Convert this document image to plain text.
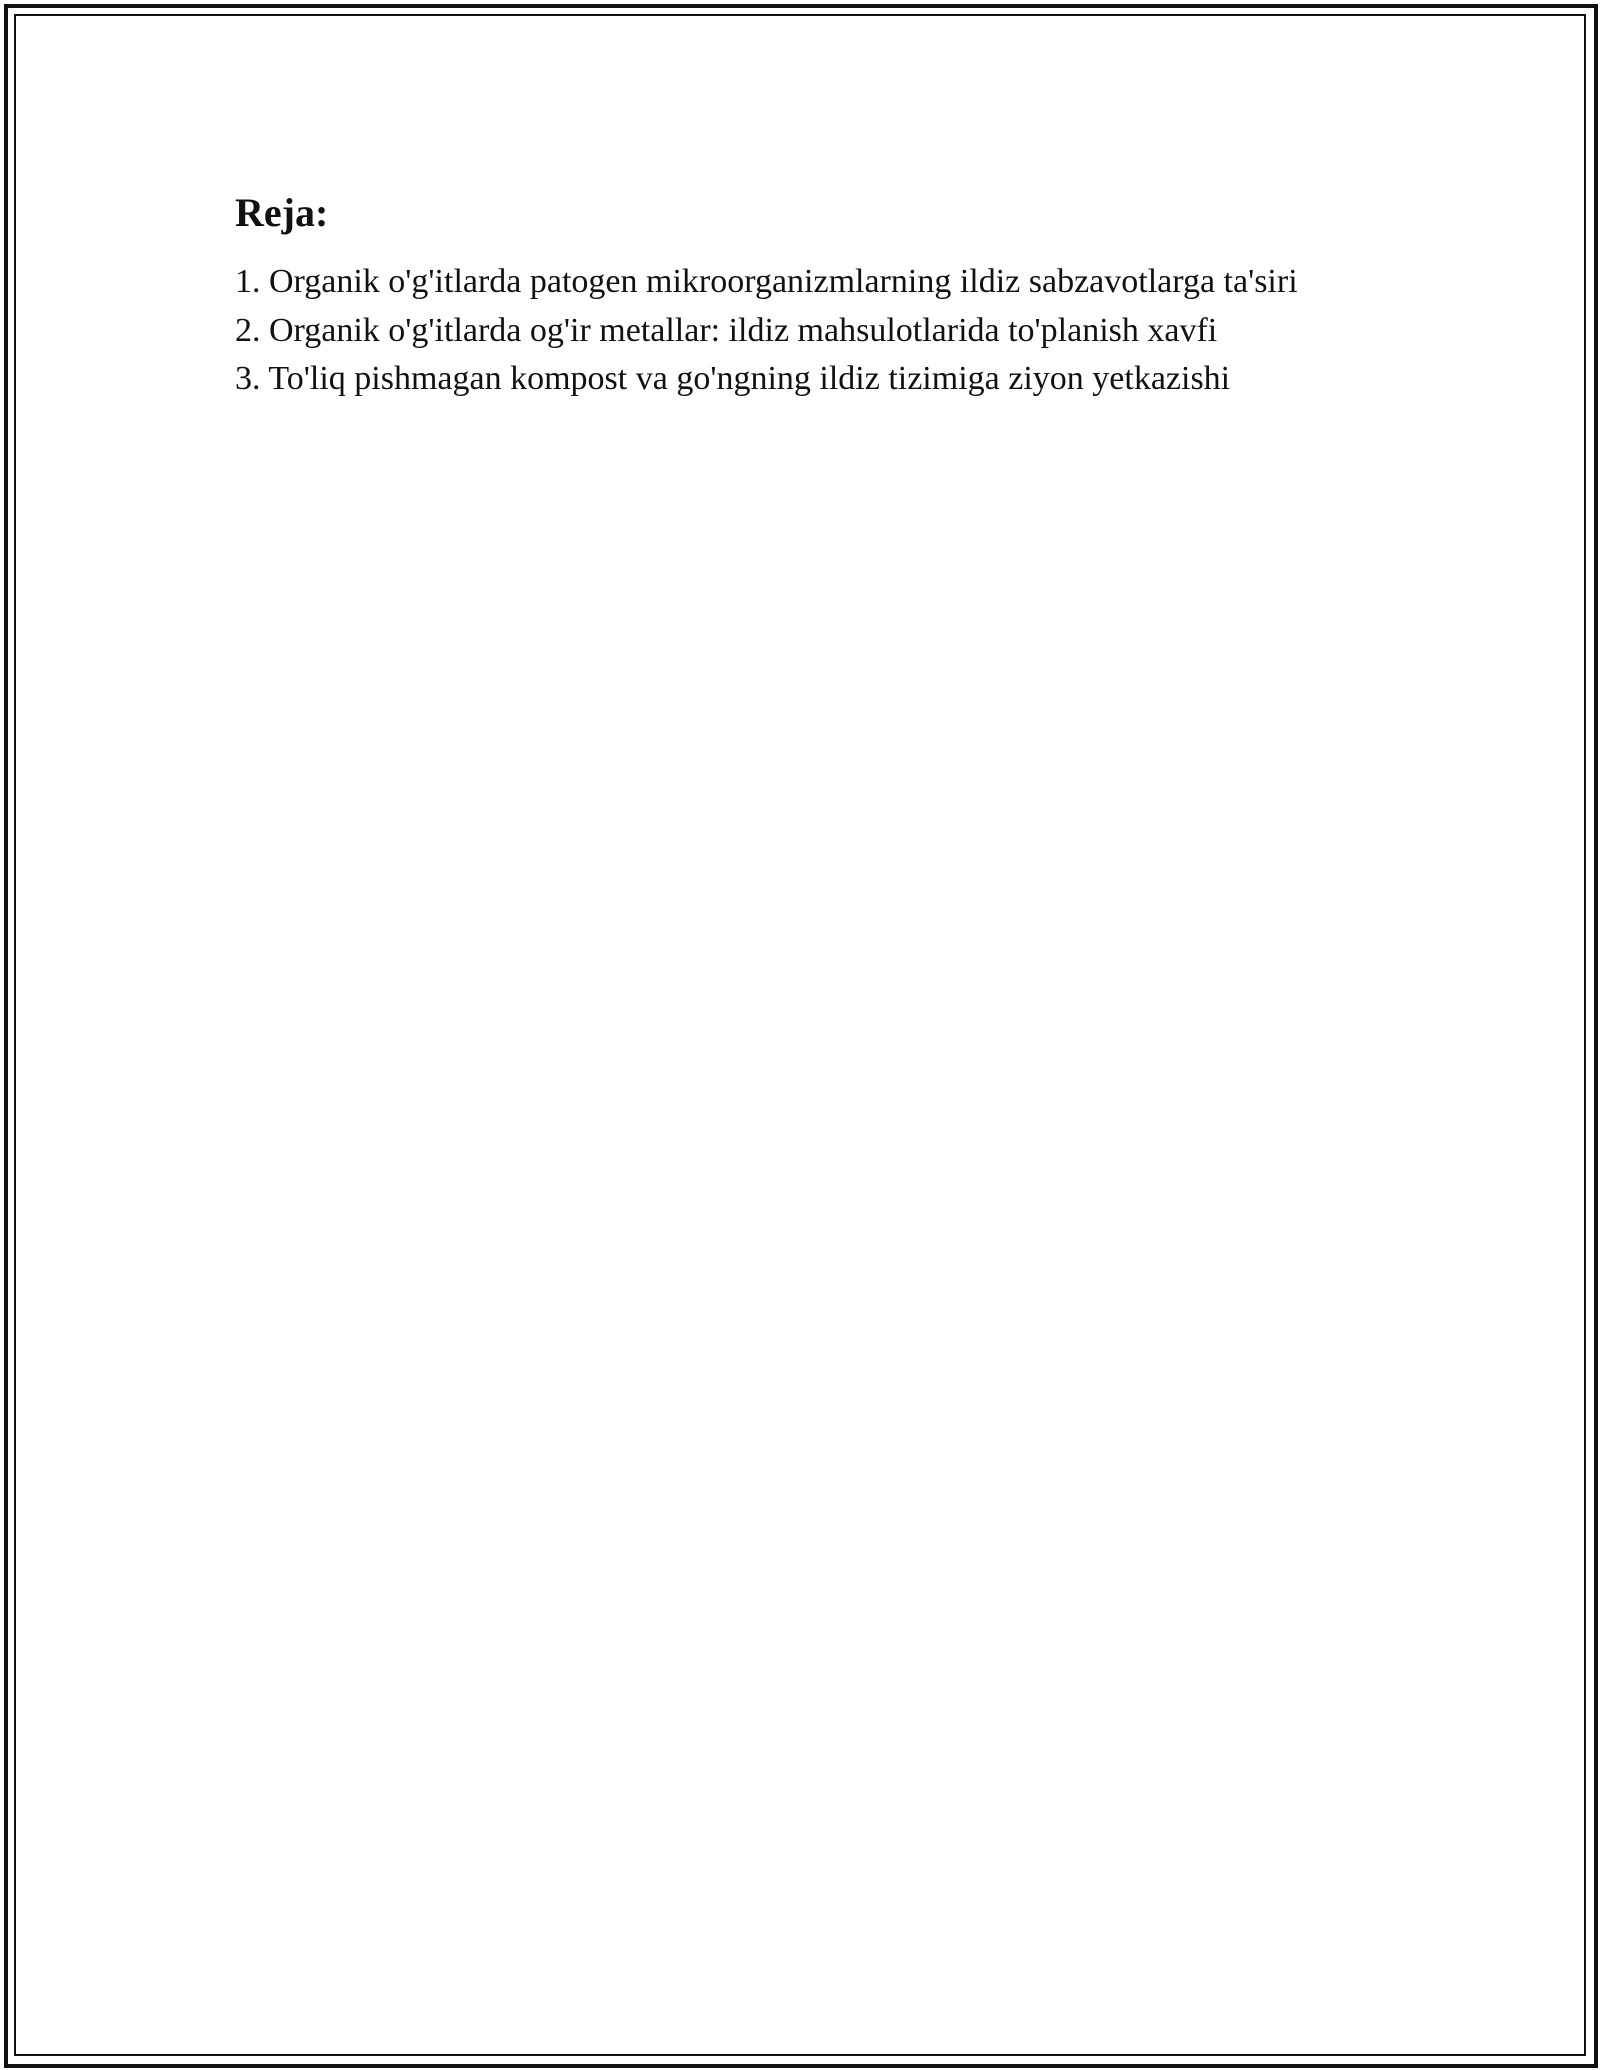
Reja:
1. Organik o'g'itlarda patogen mikroorganizmlarning ildiz sabzavotlarga ta'siri
2. Organik o'g'itlarda og'ir metallar: ildiz mahsulotlarida to'planish xavfi
3. To'liq pishmagan kompost va go'ngning ildiz tizimiga ziyon yetkazishi
